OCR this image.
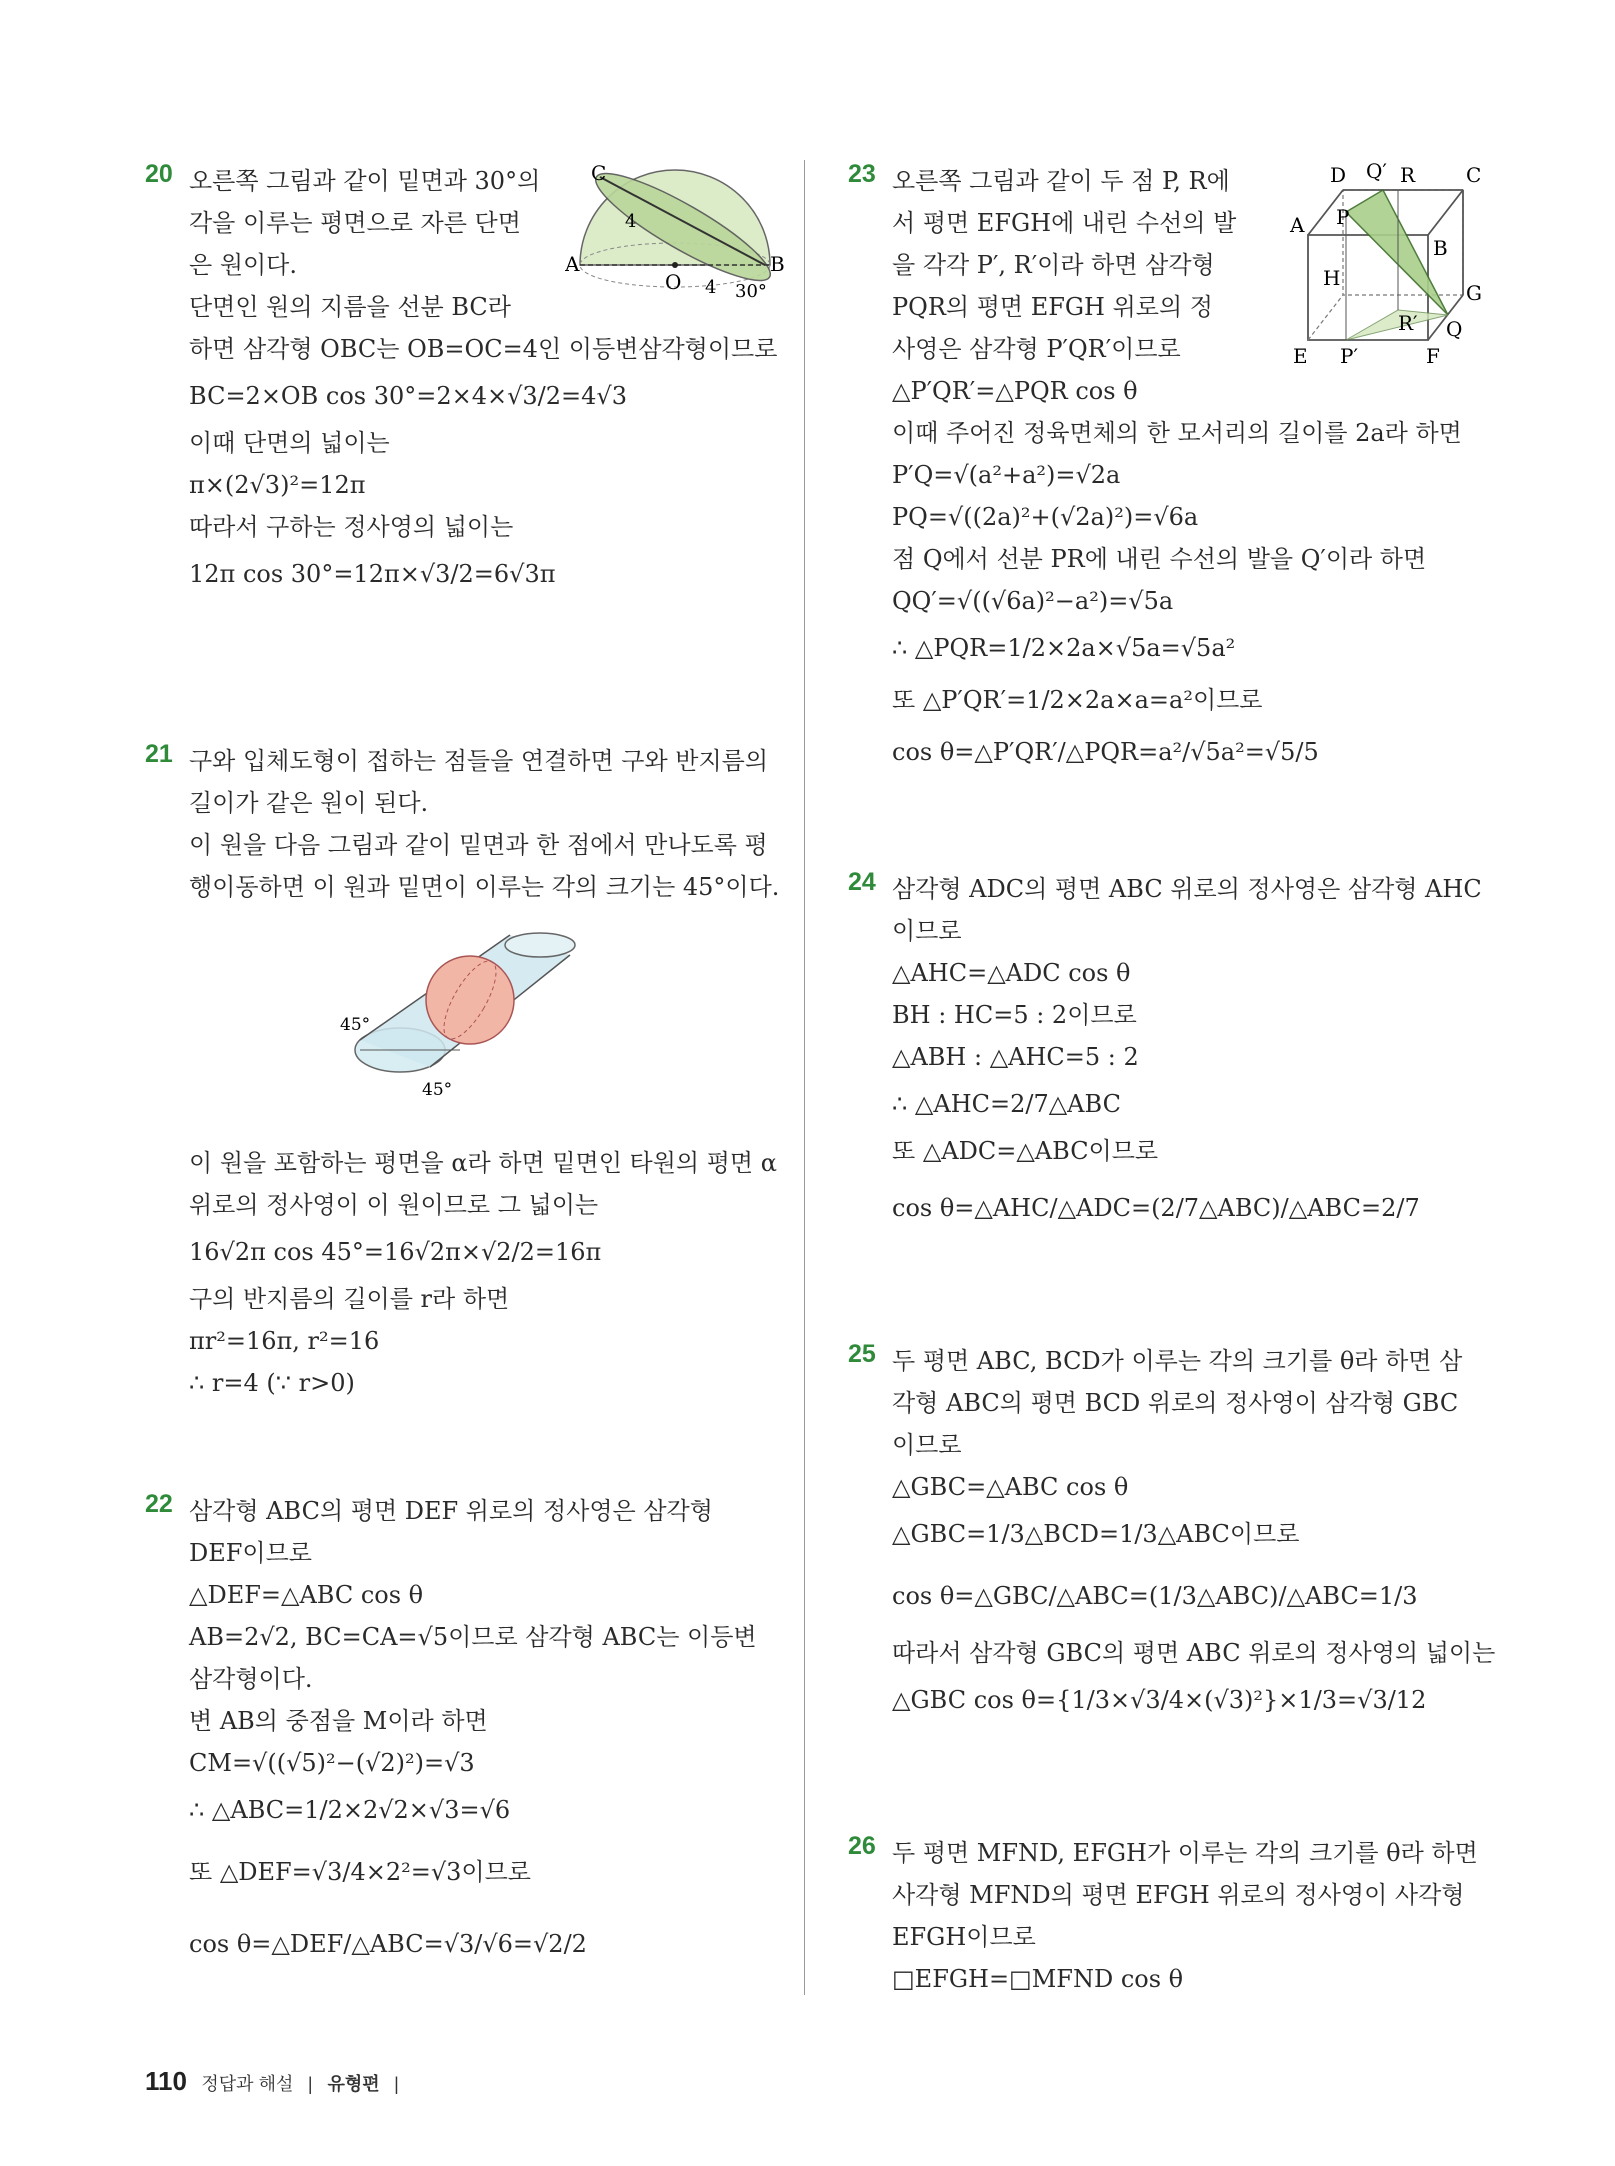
20 오른쪽 그림과 같이 밑면과 30°의
각을 이루는 평면으로 자른 단면
은 원이다.
단면인 원의 지름을 선분 BC라
하면 삼각형 OBC는 OB=OC=4인 이등변삼각형이므로
BC=2×OB cos 30°=2×4×√3/2=4√3
이때 단면의 넓이는
π×(2√3)²=12π
따라서 구하는 정사영의 넓이는
12π cos 30°=12π×√3/2=6√3π
C
A
O
B
4
4 30°
21 구와 입체도형이 접하는 점들을 연결하면 구와 반지름의
길이가 같은 원이 된다.
이 원을 다음 그림과 같이 밑면과 한 점에서 만나도록 평
행이동하면 이 원과 밑면이 이루는 각의 크기는 45°이다.
이 원을 포함하는 평면을 α라 하면 밑면인 타원의 평면 α
위로의 정사영이 이 원이므로 그 넓이는
16√2π cos 45°=16√2π×√2/2=16π
구의 반지름의 길이를 r라 하면
πr²=16π, r²=16
∴ r=4 (∵ r>0)
45°
45°
22 삼각형 ABC의 평면 DEF 위로의 정사영은 삼각형
DEF이므로
△DEF=△ABC cos θ
AB=2√2, BC=CA=√5이므로 삼각형 ABC는 이등변
삼각형이다.
변 AB의 중점을 M이라 하면
CM=√((√5)²−(√2)²)=√3
∴ △ABC=1/2×2√2×√3=√6
또 △DEF=√3/4×2²=√3이므로
cos θ=△DEF/△ABC=√3/√6=√2/2
23 오른쪽 그림과 같이 두 점 P, R에
서 평면 EFGH에 내린 수선의 발
을 각각 P′, R′이라 하면 삼각형
PQR의 평면 EFGH 위로의 정
사영은 삼각형 P′QR′이므로
△P′QR′=△PQR cos θ
이때 주어진 정육면체의 한 모서리의 길이를 2a라 하면
P′Q=√(a²+a²)=√2a
PQ=√((2a)²+(√2a)²)=√6a
점 Q에서 선분 PR에 내린 수선의 발을 Q′이라 하면
QQ′=√((√6a)²−a²)=√5a
∴ △PQR=1/2×2a×√5a=√5a²
또 △P′QR′=1/2×2a×a=a²이므로
cos θ=△P′QR′/△PQR=a²/√5a²=√5/5
D Q′ R	C
A P
B
H
G
R′ Q
E P′	F
24 삼각형 ADC의 평면 ABC 위로의 정사영은 삼각형 AHC
이므로
△AHC=△ADC cos θ
BH : HC=5 : 2이므로
△ABH : △AHC=5 : 2
∴ △AHC=2/7△ABC
또 △ADC=△ABC이므로
cos θ=△AHC/△ADC=(2/7△ABC)/△ABC=2/7
25 두 평면 ABC, BCD가 이루는 각의 크기를 θ라 하면 삼
각형 ABC의 평면 BCD 위로의 정사영이 삼각형 GBC
이므로
△GBC=△ABC cos θ
△GBC=1/3△BCD=1/3△ABC이므로
cos θ=△GBC/△ABC=(1/3△ABC)/△ABC=1/3
따라서 삼각형 GBC의 평면 ABC 위로의 정사영의 넓이는
△GBC cos θ={1/3×√3/4×(√3)²}×1/3=√3/12
26 두 평면 MFND, EFGH가 이루는 각의 크기를 θ라 하면
사각형 MFND의 평면 EFGH 위로의 정사영이 사각형
EFGH이므로
□EFGH=□MFND cos θ
110 정답과 해설 | 유형편 |
